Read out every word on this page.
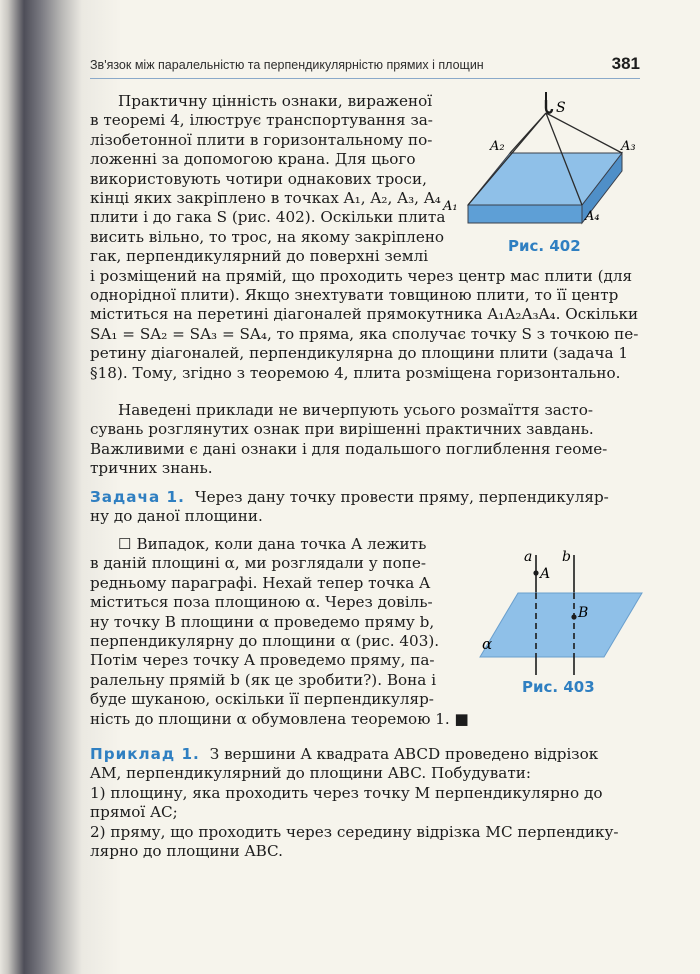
Зв'язок між паралельністю та перпендикулярністю прямих і площин	381
Практичну цінність ознаки, вираженої
в теоремі 4, ілюструє транспортування за-
лізобетонної плити в горизонтальному по-
ложенні за допомогою крана. Для цього
використовують чотири однакових троси,
кінці яких закріплено в точках A₁, A₂, A₃, A₄
плити і до гака S (рис. 402). Оскільки плита
висить вільно, то трос, на якому закріплено
гак, перпендикулярний до поверхні землі
і розміщений на прямій, що проходить через центр мас плити (для
однорідної плити). Якщо знехтувати товщиною плити, то її центр
міститься на перетині діагоналей прямокутника A₁A₂A₃A₄. Оскільки
SA₁ = SA₂ = SA₃ = SA₄, то пряма, яка сполучає точку S з точкою пе-
ретину діагоналей, перпендикулярна до площини плити (задача 1
§18). Тому, згідно з теоремою 4, плита розміщена горизонтально.
S
A₂	A₃
A₁
A₄
Рис. 402
Наведені приклади не вичерпують усього розмаїття засто-
сувань розглянутих ознак при вирішенні практичних завдань.
Важливими є дані ознаки і для подальшого поглиблення геоме-
тричних знань.
Задача 1. Через дану точку провести пряму, перпендикуляр-
ну до даної площини.
☐ Випадок, коли дана точка A лежить
в даній площині α, ми розглядали у попе-
редньому параграфі. Нехай тепер точка A
міститься поза площиною α. Через довіль-
ну точку B площини α проведемо пряму b,
перпендикулярну до площини α (рис. 403).
Потім через точку A проведемо пряму, па-
ралельну прямій b (як це зробити?). Вона і
буде шуканою, оскільки її перпендикуляр-
ність до площини α обумовлена теоремою 1. ■
a b
A
B
α
Рис. 403
Приклад 1. З вершини A квадрата ABCD проведено відрізок
AM, перпендикулярний до площини ABC. Побудувати:
1) площину, яка проходить через точку M перпендикулярно до
прямої AC;
2) пряму, що проходить через середину відрізка MC перпендику-
лярно до площини ABC.
